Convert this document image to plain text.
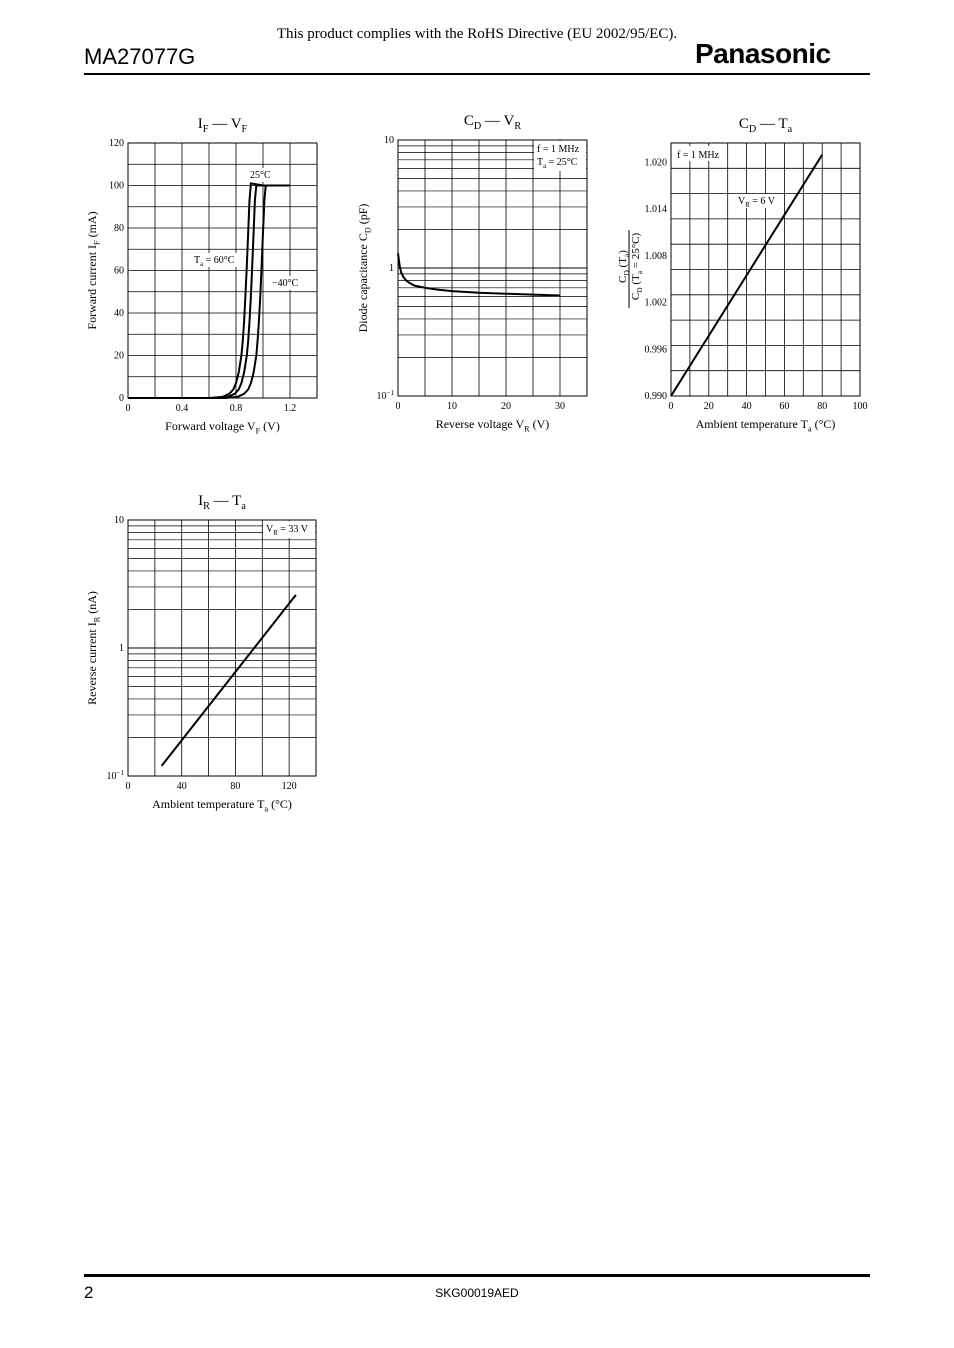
This product complies with the RoHS Directive (EU 2002/95/EC).
MA27077G	Panasonic
0	0.4	0.8	1.2
0
20
40
60
80
100
120
$I_F$ — $V_F$
Forward voltage $V_F$ (V)
Forward current $I_F$ (mA)
25°C
$T_a = 60^\circ C$
−40°C
0	10	20	30
10
1
$10^{-1}$
$C_D$ — $V_R$
Reverse voltage $V_R$ (V)
Diode capacitance $C_D$ (pF)
f = 1 MHz
$T_a = 25^\circ C$
0	20	40	60	80	100
0.990
0.996
1.002
1.008
1.014
1.020
$C_D$ — $T_a$
Ambient temperature $T_a$ (°C)
$C_D$ $(T_a)$
$C_D$ $(T_a = 25^\circ C)$
f = 1 MHz
$V_R = 6$ V
0	40	80	120
10
1
$10^{-1}$
$I_R$ — $T_a$
Ambient temperature $T_a$ (°C)
Reverse current $I_R$ (nA)
$V_R = 33$ V
2	SKG00019AED
